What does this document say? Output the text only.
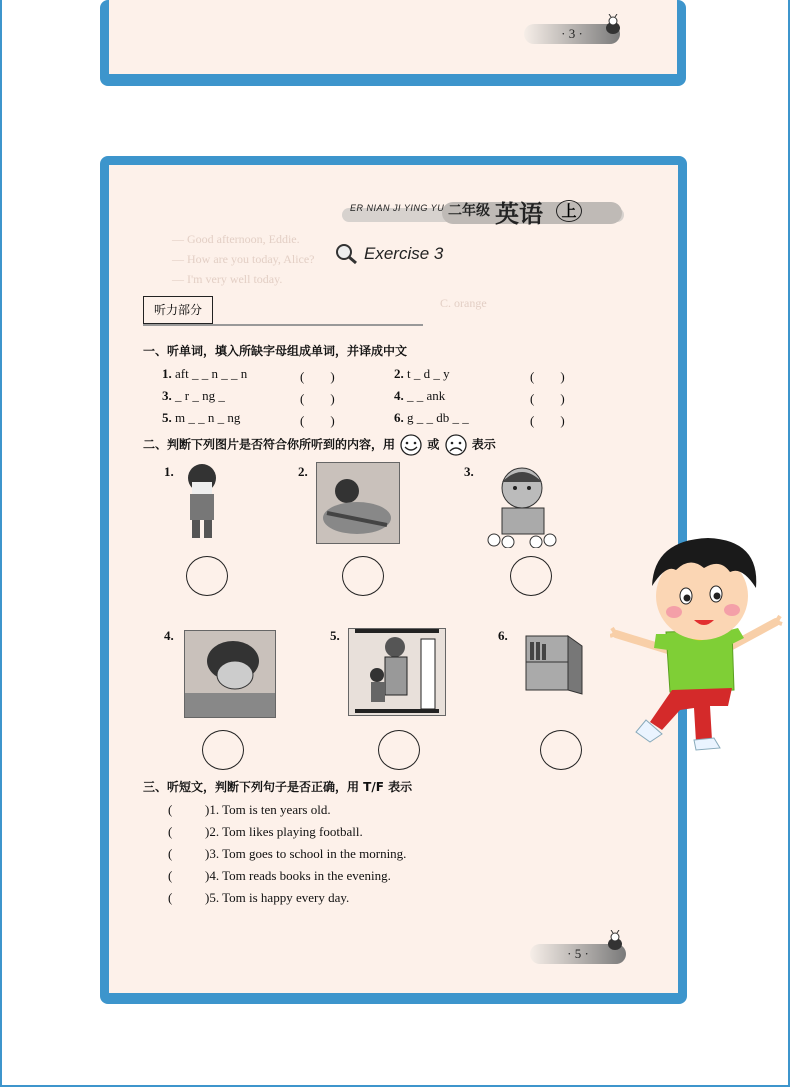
· 3 ·
— Good afternoon, Eddie.
— How are you today, Alice?
— I'm very well today.
C. orange
ER NIAN JI YING YU 二年级 英语	上
Exercise 3
听力部分
一、听单词，填入所缺字母组成单词，并译成中文
1. aft _ _ n _ _ n	(　　)	2. t _ d _ y	(　　)
3. _ r _ ng _	(　　)	4. _ _ ank	(　　)
5. m _ _ n _ ng	(　　)	6. g _ _ db _ _	(　　)
二、判断下列图片是否符合你所听到的内容，用	或	表示
1.	2.	3.
4.	5.	6.
三、听短文，判断下列句子是否正确，用 T/F 表示
(	)1. Tom is ten years old.
(	)2. Tom likes playing football.
(	)3. Tom goes to school in the morning.
(	)4. Tom reads books in the evening.
(	)5. Tom is happy every day.
· 5 ·
